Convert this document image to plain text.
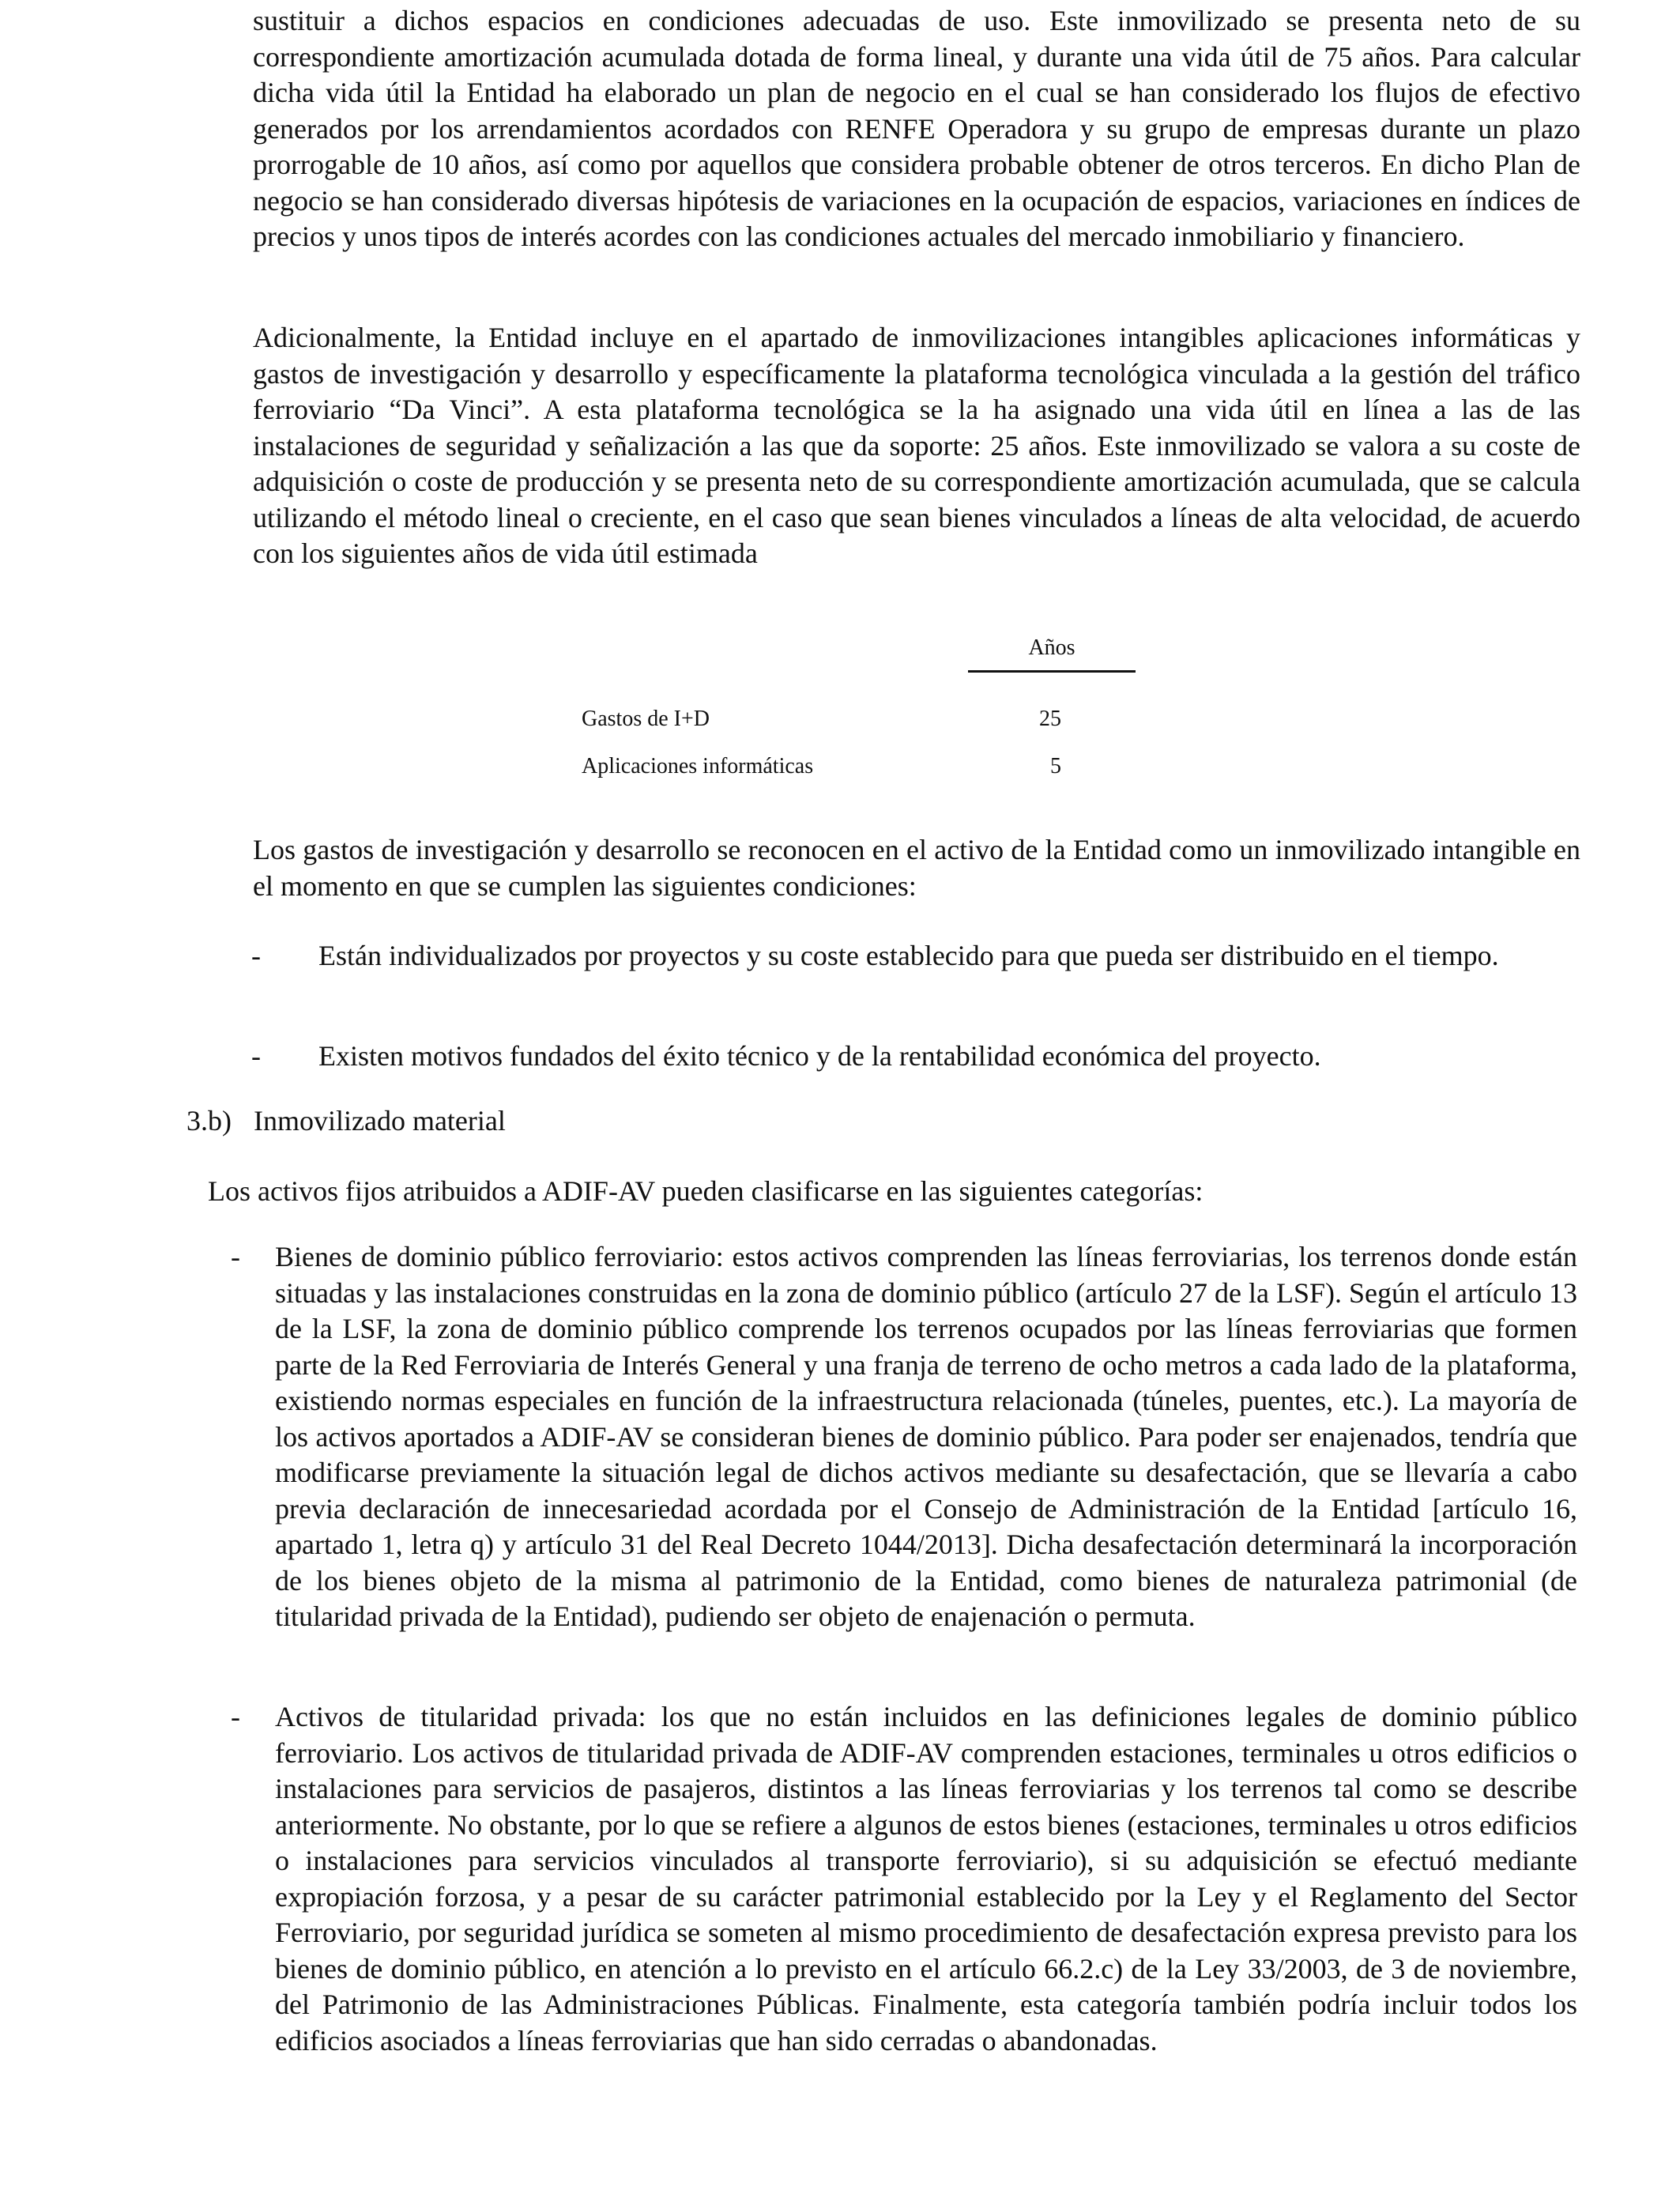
sustituir a dichos espacios en condiciones adecuadas de uso. Este inmovilizado se presenta neto de su correspondiente amortización acumulada dotada de forma lineal, y durante una vida útil de 75 años. Para calcular dicha vida útil la Entidad ha elaborado un plan de negocio en el cual se han considerado los flujos de efectivo generados por los arrendamientos acordados con RENFE Operadora y su grupo de empresas durante un plazo prorrogable de 10 años, así como por aquellos que considera probable obtener de otros terceros. En dicho Plan de negocio se han considerado diversas hipótesis de variaciones en la ocupación de espacios, variaciones en índices de precios y unos tipos de interés acordes con las condiciones actuales del mercado inmobiliario y financiero.

Adicionalmente, la Entidad incluye en el apartado de inmovilizaciones intangibles aplicaciones informáticas y gastos de investigación y desarrollo y específicamente la plataforma tecnológica vinculada a la gestión del tráfico ferroviario “Da Vinci”. A esta plataforma tecnológica se la ha asignado una vida útil en línea a las de las instalaciones de seguridad y señalización a las que da soporte: 25 años. Este inmovilizado se valora a su coste de adquisición o coste de producción y se presenta neto de su correspondiente amortización acumulada, que se calcula utilizando el método lineal o creciente, en el caso que sean bienes vinculados a líneas de alta velocidad, de acuerdo con los siguientes años de vida útil estimada

Años
Gastos de I+D	25
Aplicaciones informáticas	5

Los gastos de investigación y desarrollo se reconocen en el activo de la Entidad como un inmovilizado intangible en el momento en que se cumplen las siguientes condiciones:

- Están individualizados por proyectos y su coste establecido para que pueda ser distribuido en el tiempo.

- Existen motivos fundados del éxito técnico y de la rentabilidad económica del proyecto.

3.b) Inmovilizado material

Los activos fijos atribuidos a ADIF-AV pueden clasificarse en las siguientes categorías:

- Bienes de dominio público ferroviario: estos activos comprenden las líneas ferroviarias, los terrenos donde están situadas y las instalaciones construidas en la zona de dominio público (artículo 27 de la LSF). Según el artículo 13 de la LSF, la zona de dominio público comprende los terrenos ocupados por las líneas ferroviarias que formen parte de la Red Ferroviaria de Interés General y una franja de terreno de ocho metros a cada lado de la plataforma, existiendo normas especiales en función de la infraestructura relacionada (túneles, puentes, etc.). La mayoría de los activos aportados a ADIF-AV se consideran bienes de dominio público. Para poder ser enajenados, tendría que modificarse previamente la situación legal de dichos activos mediante su desafectación, que se llevaría a cabo previa declaración de innecesariedad acordada por el Consejo de Administración de la Entidad [artículo 16, apartado 1, letra q) y artículo 31 del Real Decreto 1044/2013]. Dicha desafectación determinará la incorporación de los bienes objeto de la misma al patrimonio de la Entidad, como bienes de naturaleza patrimonial (de titularidad privada de la Entidad), pudiendo ser objeto de enajenación o permuta.

- Activos de titularidad privada: los que no están incluidos en las definiciones legales de dominio público ferroviario. Los activos de titularidad privada de ADIF-AV comprenden estaciones, terminales u otros edificios o instalaciones para servicios de pasajeros, distintos a las líneas ferroviarias y los terrenos tal como se describe anteriormente. No obstante, por lo que se refiere a algunos de estos bienes (estaciones, terminales u otros edificios o instalaciones para servicios vinculados al transporte ferroviario), si su adquisición se efectuó mediante expropiación forzosa, y a pesar de su carácter patrimonial establecido por la Ley y el Reglamento del Sector Ferroviario, por seguridad jurídica se someten al mismo procedimiento de desafectación expresa previsto para los bienes de dominio público, en atención a lo previsto en el artículo 66.2.c) de la Ley 33/2003, de 3 de noviembre, del Patrimonio de las Administraciones Públicas. Finalmente, esta categoría también podría incluir todos los edificios asociados a líneas ferroviarias que han sido cerradas o abandonadas.
